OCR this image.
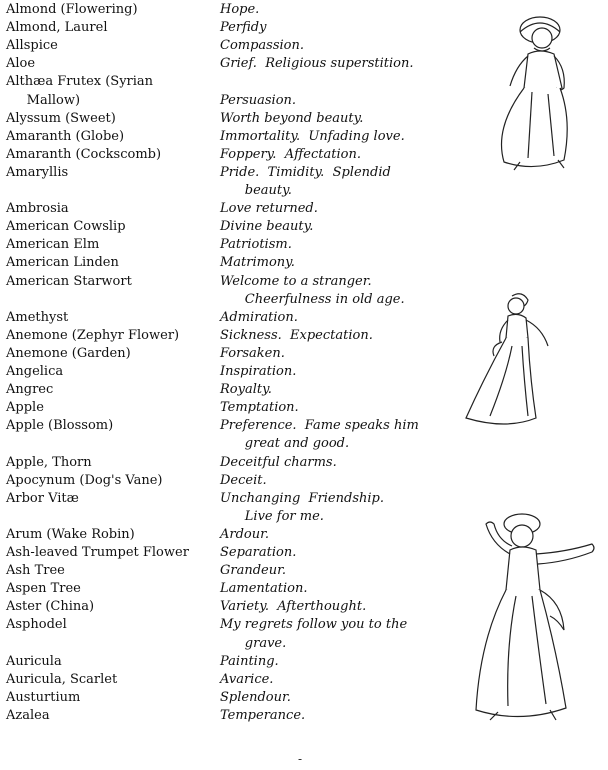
Almond (Flowering)	Hope.
Almond, Laurel	Perfidy
Allspice	Compassion.
Aloe	Grief.  Religious superstition.
Althæa Frutex (Syrian
Mallow)	Persuasion.
Alyssum (Sweet)	Worth beyond beauty.
Amaranth (Globe)	Immortality.  Unfading love.
Amaranth (Cockscomb)	Foppery.  Affectation.
Amaryllis	Pride.  Timidity.  Splendid
beauty.
Ambrosia	Love returned.
American Cowslip	Divine beauty.
American Elm	Patriotism.
American Linden	Matrimony.
American Starwort	Welcome to a stranger.
Cheerfulness in old age.
Amethyst	Admiration.
Anemone (Zephyr Flower)	Sickness.  Expectation.
Anemone (Garden)	Forsaken.
Angelica	Inspiration.
Angrec	Royalty.
Apple	Temptation.
Apple (Blossom)	Preference.  Fame speaks him
great and good.
Apple, Thorn	Deceitful charms.
Apocynum (Dog's Vane)	Deceit.
Arbor Vitæ	Unchanging  Friendship.
Live for me.
Arum (Wake Robin)	Ardour.
Ash-leaved Trumpet Flower Separation.
Ash Tree	Grandeur.
Aspen Tree	Lamentation.
Aster (China)	Variety.  Afterthought.
Asphodel	My regrets follow you to the
grave.
Auricula	Painting.
Auricula, Scarlet	Avarice.
Austurtium	Splendour.
Azalea	Temperance.
-
